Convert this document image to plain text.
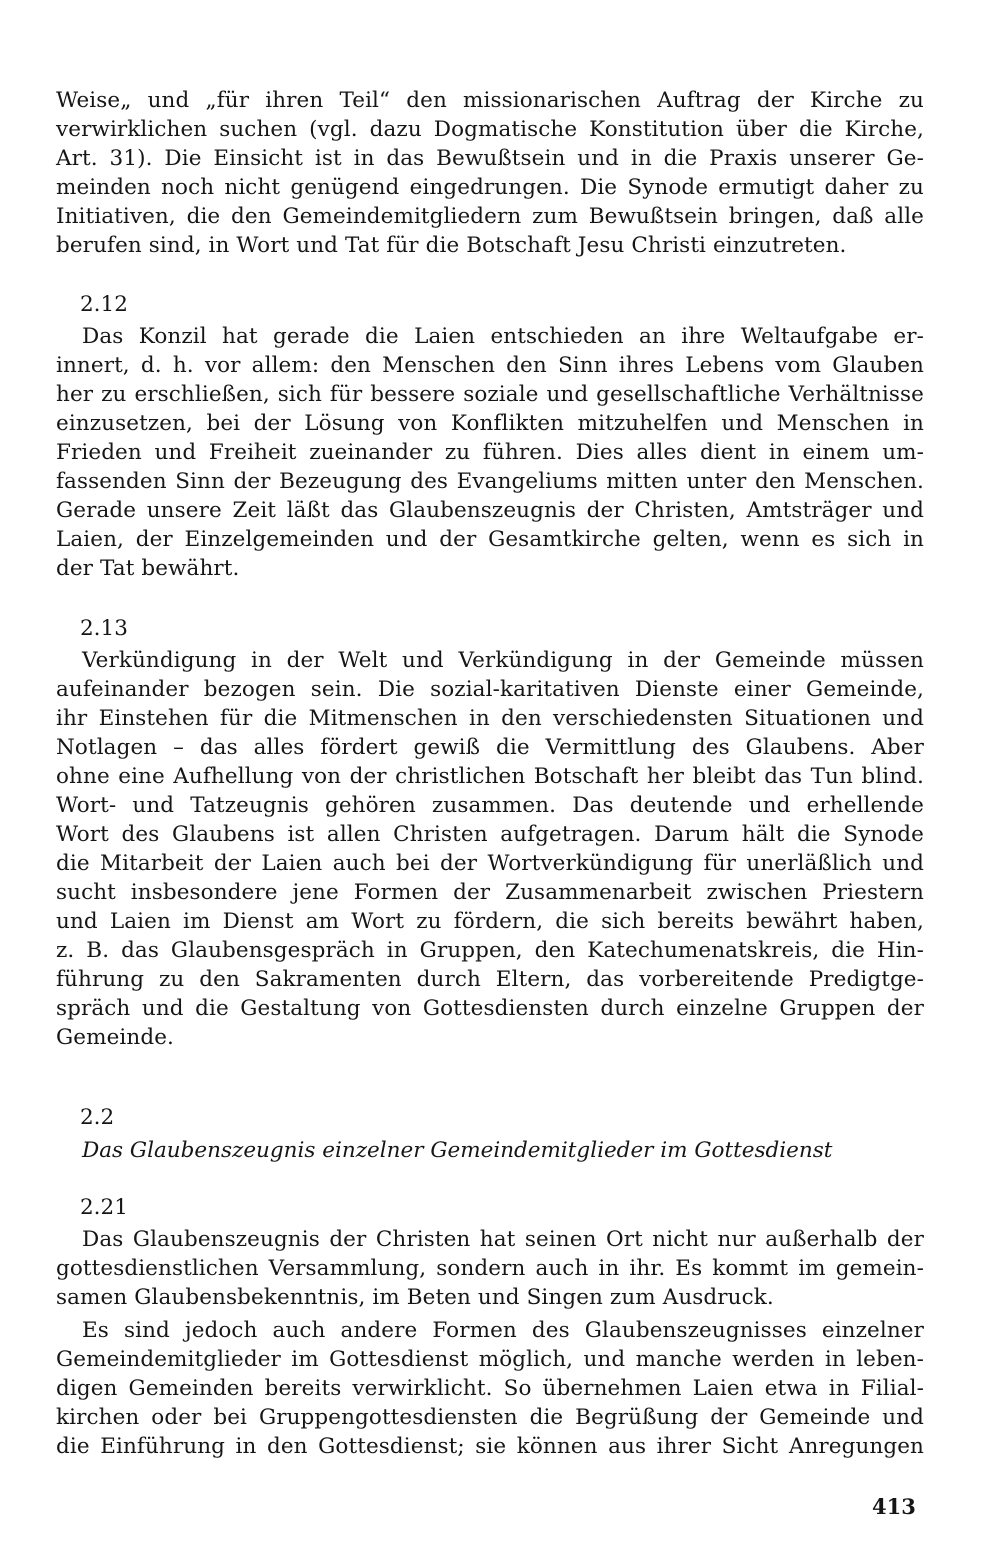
Weise„ und „für ihren Teil“ den missionarischen Auftrag der Kirche zu
verwirklichen suchen (vgl. dazu Dogmatische Konstitution über die Kirche,
Art. 31). Die Einsicht ist in das Bewußtsein und in die Praxis unserer Ge-
meinden noch nicht genügend eingedrungen. Die Synode ermutigt daher zu
Initiativen, die den Gemeindemitgliedern zum Bewußtsein bringen, daß alle
berufen sind, in Wort und Tat für die Botschaft Jesu Christi einzutreten.
2.12
Das Konzil hat gerade die Laien entschieden an ihre Weltaufgabe er-
innert, d. h. vor allem: den Menschen den Sinn ihres Lebens vom Glauben
her zu erschließen, sich für bessere soziale und gesellschaftliche Verhältnisse
einzusetzen, bei der Lösung von Konflikten mitzuhelfen und Menschen in
Frieden und Freiheit zueinander zu führen. Dies alles dient in einem um-
fassenden Sinn der Bezeugung des Evangeliums mitten unter den Menschen.
Gerade unsere Zeit läßt das Glaubenszeugnis der Christen, Amtsträger und
Laien, der Einzelgemeinden und der Gesamtkirche gelten, wenn es sich in
der Tat bewährt.
2.13
Verkündigung in der Welt und Verkündigung in der Gemeinde müssen
aufeinander bezogen sein. Die sozial-karitativen Dienste einer Gemeinde,
ihr Einstehen für die Mitmenschen in den verschiedensten Situationen und
Notlagen – das alles fördert gewiß die Vermittlung des Glaubens. Aber
ohne eine Aufhellung von der christlichen Botschaft her bleibt das Tun blind.
Wort- und Tatzeugnis gehören zusammen. Das deutende und erhellende
Wort des Glaubens ist allen Christen aufgetragen. Darum hält die Synode
die Mitarbeit der Laien auch bei der Wortverkündigung für unerläßlich und
sucht insbesondere jene Formen der Zusammenarbeit zwischen Priestern
und Laien im Dienst am Wort zu fördern, die sich bereits bewährt haben,
z. B. das Glaubensgespräch in Gruppen, den Katechumenatskreis, die Hin-
führung zu den Sakramenten durch Eltern, das vorbereitende Predigtge-
spräch und die Gestaltung von Gottesdiensten durch einzelne Gruppen der
Gemeinde.
2.2
Das Glaubenszeugnis einzelner Gemeindemitglieder im Gottesdienst
2.21
Das Glaubenszeugnis der Christen hat seinen Ort nicht nur außerhalb der
gottesdienstlichen Versammlung, sondern auch in ihr. Es kommt im gemein-
samen Glaubensbekenntnis, im Beten und Singen zum Ausdruck.
Es sind jedoch auch andere Formen des Glaubenszeugnisses einzelner
Gemeindemitglieder im Gottesdienst möglich, und manche werden in leben-
digen Gemeinden bereits verwirklicht. So übernehmen Laien etwa in Filial-
kirchen oder bei Gruppengottesdiensten die Begrüßung der Gemeinde und
die Einführung in den Gottesdienst; sie können aus ihrer Sicht Anregungen
413
